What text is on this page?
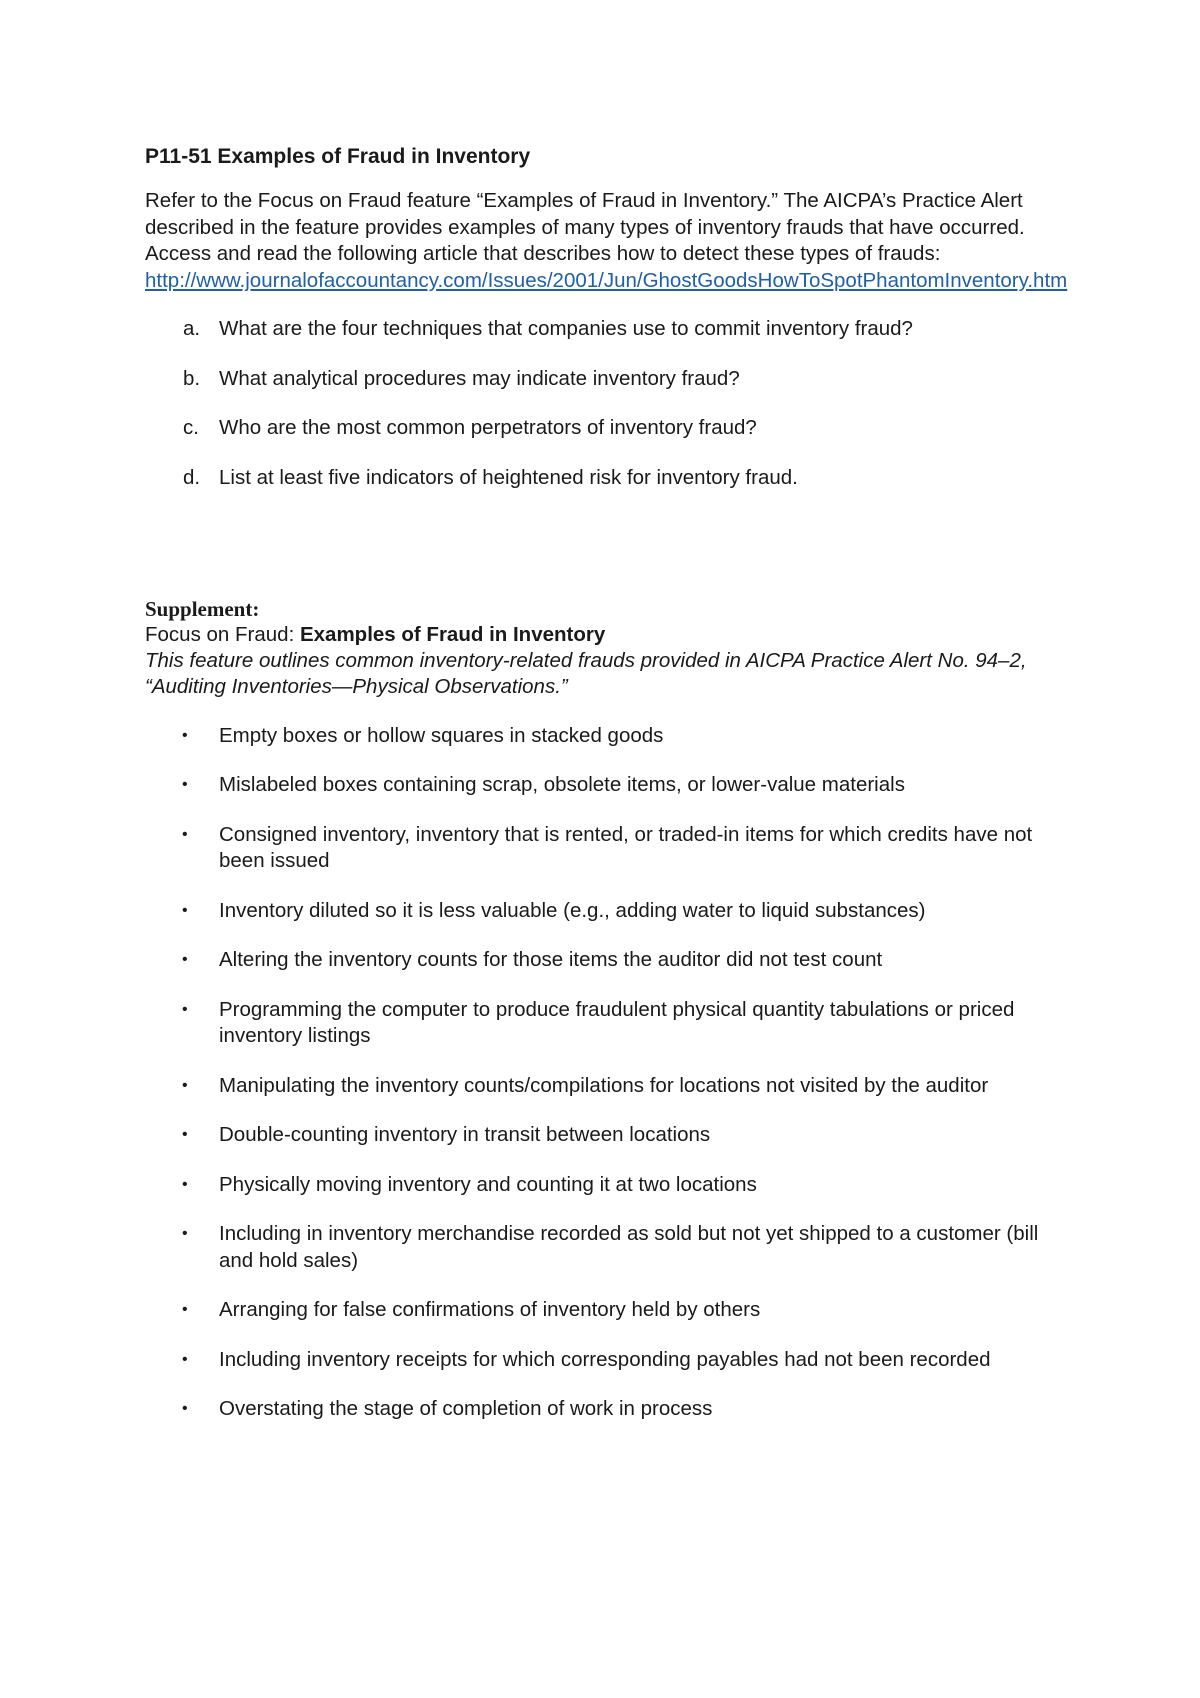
P11-51 Examples of Fraud in Inventory

Refer to the Focus on Fraud feature “Examples of Fraud in Inventory.” The AICPA’s Practice Alert described in the feature provides examples of many types of inventory frauds that have occurred. Access and read the following article that describes how to detect these types of frauds: http://www.journalofaccountancy.com/Issues/2001/Jun/GhostGoodsHowToSpotPhantomInventory.htm

a. What are the four techniques that companies use to commit inventory fraud?
b. What analytical procedures may indicate inventory fraud?
c. Who are the most common perpetrators of inventory fraud?
d. List at least five indicators of heightened risk for inventory fraud.
Supplement:
Focus on Fraud: Examples of Fraud in Inventory
This feature outlines common inventory-related frauds provided in AICPA Practice Alert No. 94–2, “Auditing Inventories—Physical Observations.”
• Empty boxes or hollow squares in stacked goods
• Mislabeled boxes containing scrap, obsolete items, or lower-value materials
• Consigned inventory, inventory that is rented, or traded-in items for which credits have not been issued
• Inventory diluted so it is less valuable (e.g., adding water to liquid substances)
• Altering the inventory counts for those items the auditor did not test count
• Programming the computer to produce fraudulent physical quantity tabulations or priced inventory listings
• Manipulating the inventory counts/compilations for locations not visited by the auditor
• Double-counting inventory in transit between locations
• Physically moving inventory and counting it at two locations
• Including in inventory merchandise recorded as sold but not yet shipped to a customer (bill and hold sales)
• Arranging for false confirmations of inventory held by others
• Including inventory receipts for which corresponding payables had not been recorded
• Overstating the stage of completion of work in process
